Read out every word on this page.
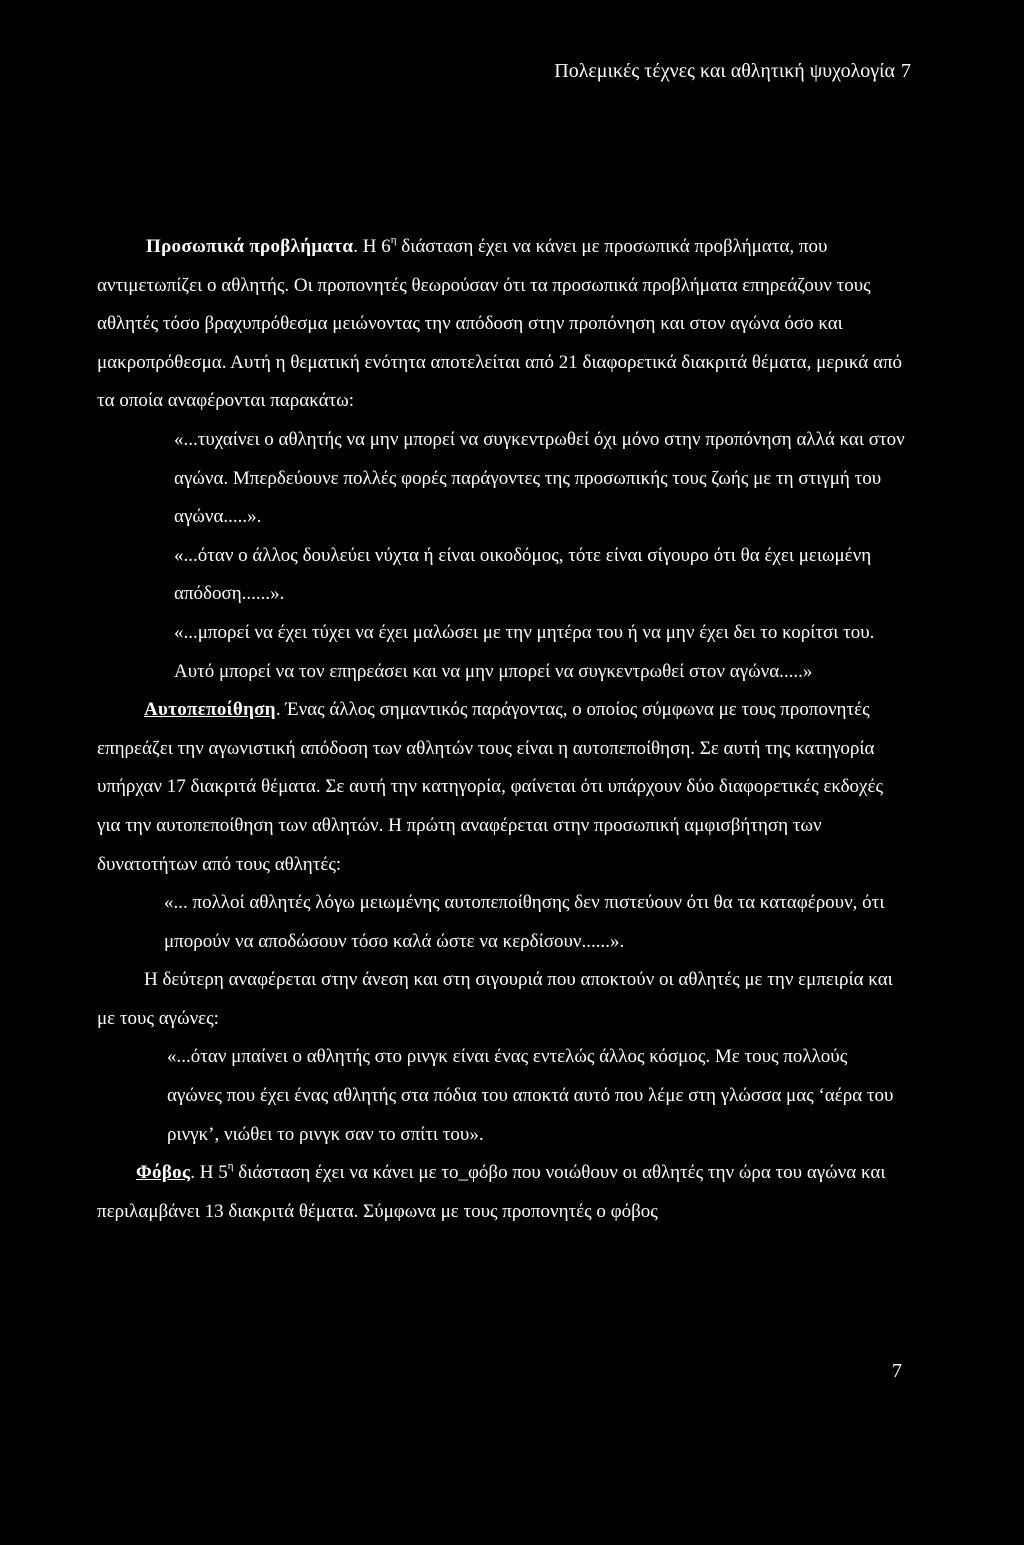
Πολεμικές τέχνες και αθλητική ψυχολογία 7

Προσωπικά προβλήματα. Η $6^\eta$ διάσταση έχει να κάνει με προσωπικά προβλήματα, που αντιμετωπίζει ο αθλητής. Οι προπονητές θεωρούσαν ότι τα προσωπικά προβλήματα επηρεάζουν τους αθλητές τόσο βραχυπρόθεσμα μειώνοντας την απόδοση στην προπόνηση και στον αγώνα όσο και μακροπρόθεσμα. Αυτή η θεματική ενότητα αποτελείται από 21 διαφορετικά διακριτά θέματα, μερικά από τα οποία αναφέρονται παρακάτω:

«...τυχαίνει ο αθλητής να μην μπορεί να συγκεντρωθεί όχι μόνο στην προπόνηση αλλά και στον αγώνα. Μπερδεύουνε πολλές φορές παράγοντες της προσωπικής τους ζωής με τη στιγμή του αγώνα.....».

«...όταν ο άλλος δουλεύει νύχτα ή είναι οικοδόμος, τότε είναι σίγουρο ότι θα έχει μειωμένη απόδοση......».

«...μπορεί να έχει τύχει να έχει μαλώσει με την μητέρα του ή να μην έχει δει το κορίτσι του. Αυτό μπορεί να τον επηρεάσει και να μην μπορεί να συγκεντρωθεί στον αγώνα.....»

Αυτοπεποίθηση. Ένας άλλος σημαντικός παράγοντας, ο οποίος σύμφωνα με τους προπονητές επηρεάζει την αγωνιστική απόδοση των αθλητών τους είναι η αυτοπεποίθηση. Σε αυτή της κατηγορία υπήρχαν 17 διακριτά θέματα. Σε αυτή την κατηγορία, φαίνεται ότι υπάρχουν δύο διαφορετικές εκδοχές για την αυτοπεποίθηση των αθλητών. Η πρώτη αναφέρεται στην προσωπική αμφισβήτηση των δυνατοτήτων από τους αθλητές:

«... πολλοί αθλητές λόγω μειωμένης αυτοπεποίθησης δεν πιστεύουν ότι θα τα καταφέρουν, ότι μπορούν να αποδώσουν τόσο καλά ώστε να κερδίσουν......».

Η δεύτερη αναφέρεται στην άνεση και στη σιγουριά που αποκτούν οι αθλητές με την εμπειρία και με τους αγώνες:

«...όταν μπαίνει ο αθλητής στο ρινγκ είναι ένας εντελώς άλλος κόσμος. Με τους πολλούς αγώνες που έχει ένας αθλητής στα πόδια του αποκτά αυτό που λέμε στη γλώσσα μας ‘αέρα του ρινγκ’, νιώθει το ρινγκ σαν το σπίτι του».

Φόβος. Η $5^\eta$ διάσταση έχει να κάνει με το_φόβο που νοιώθουν οι αθλητές την ώρα του αγώνα και περιλαμβάνει 13 διακριτά θέματα. Σύμφωνα με τους προπονητές ο φόβος

7
